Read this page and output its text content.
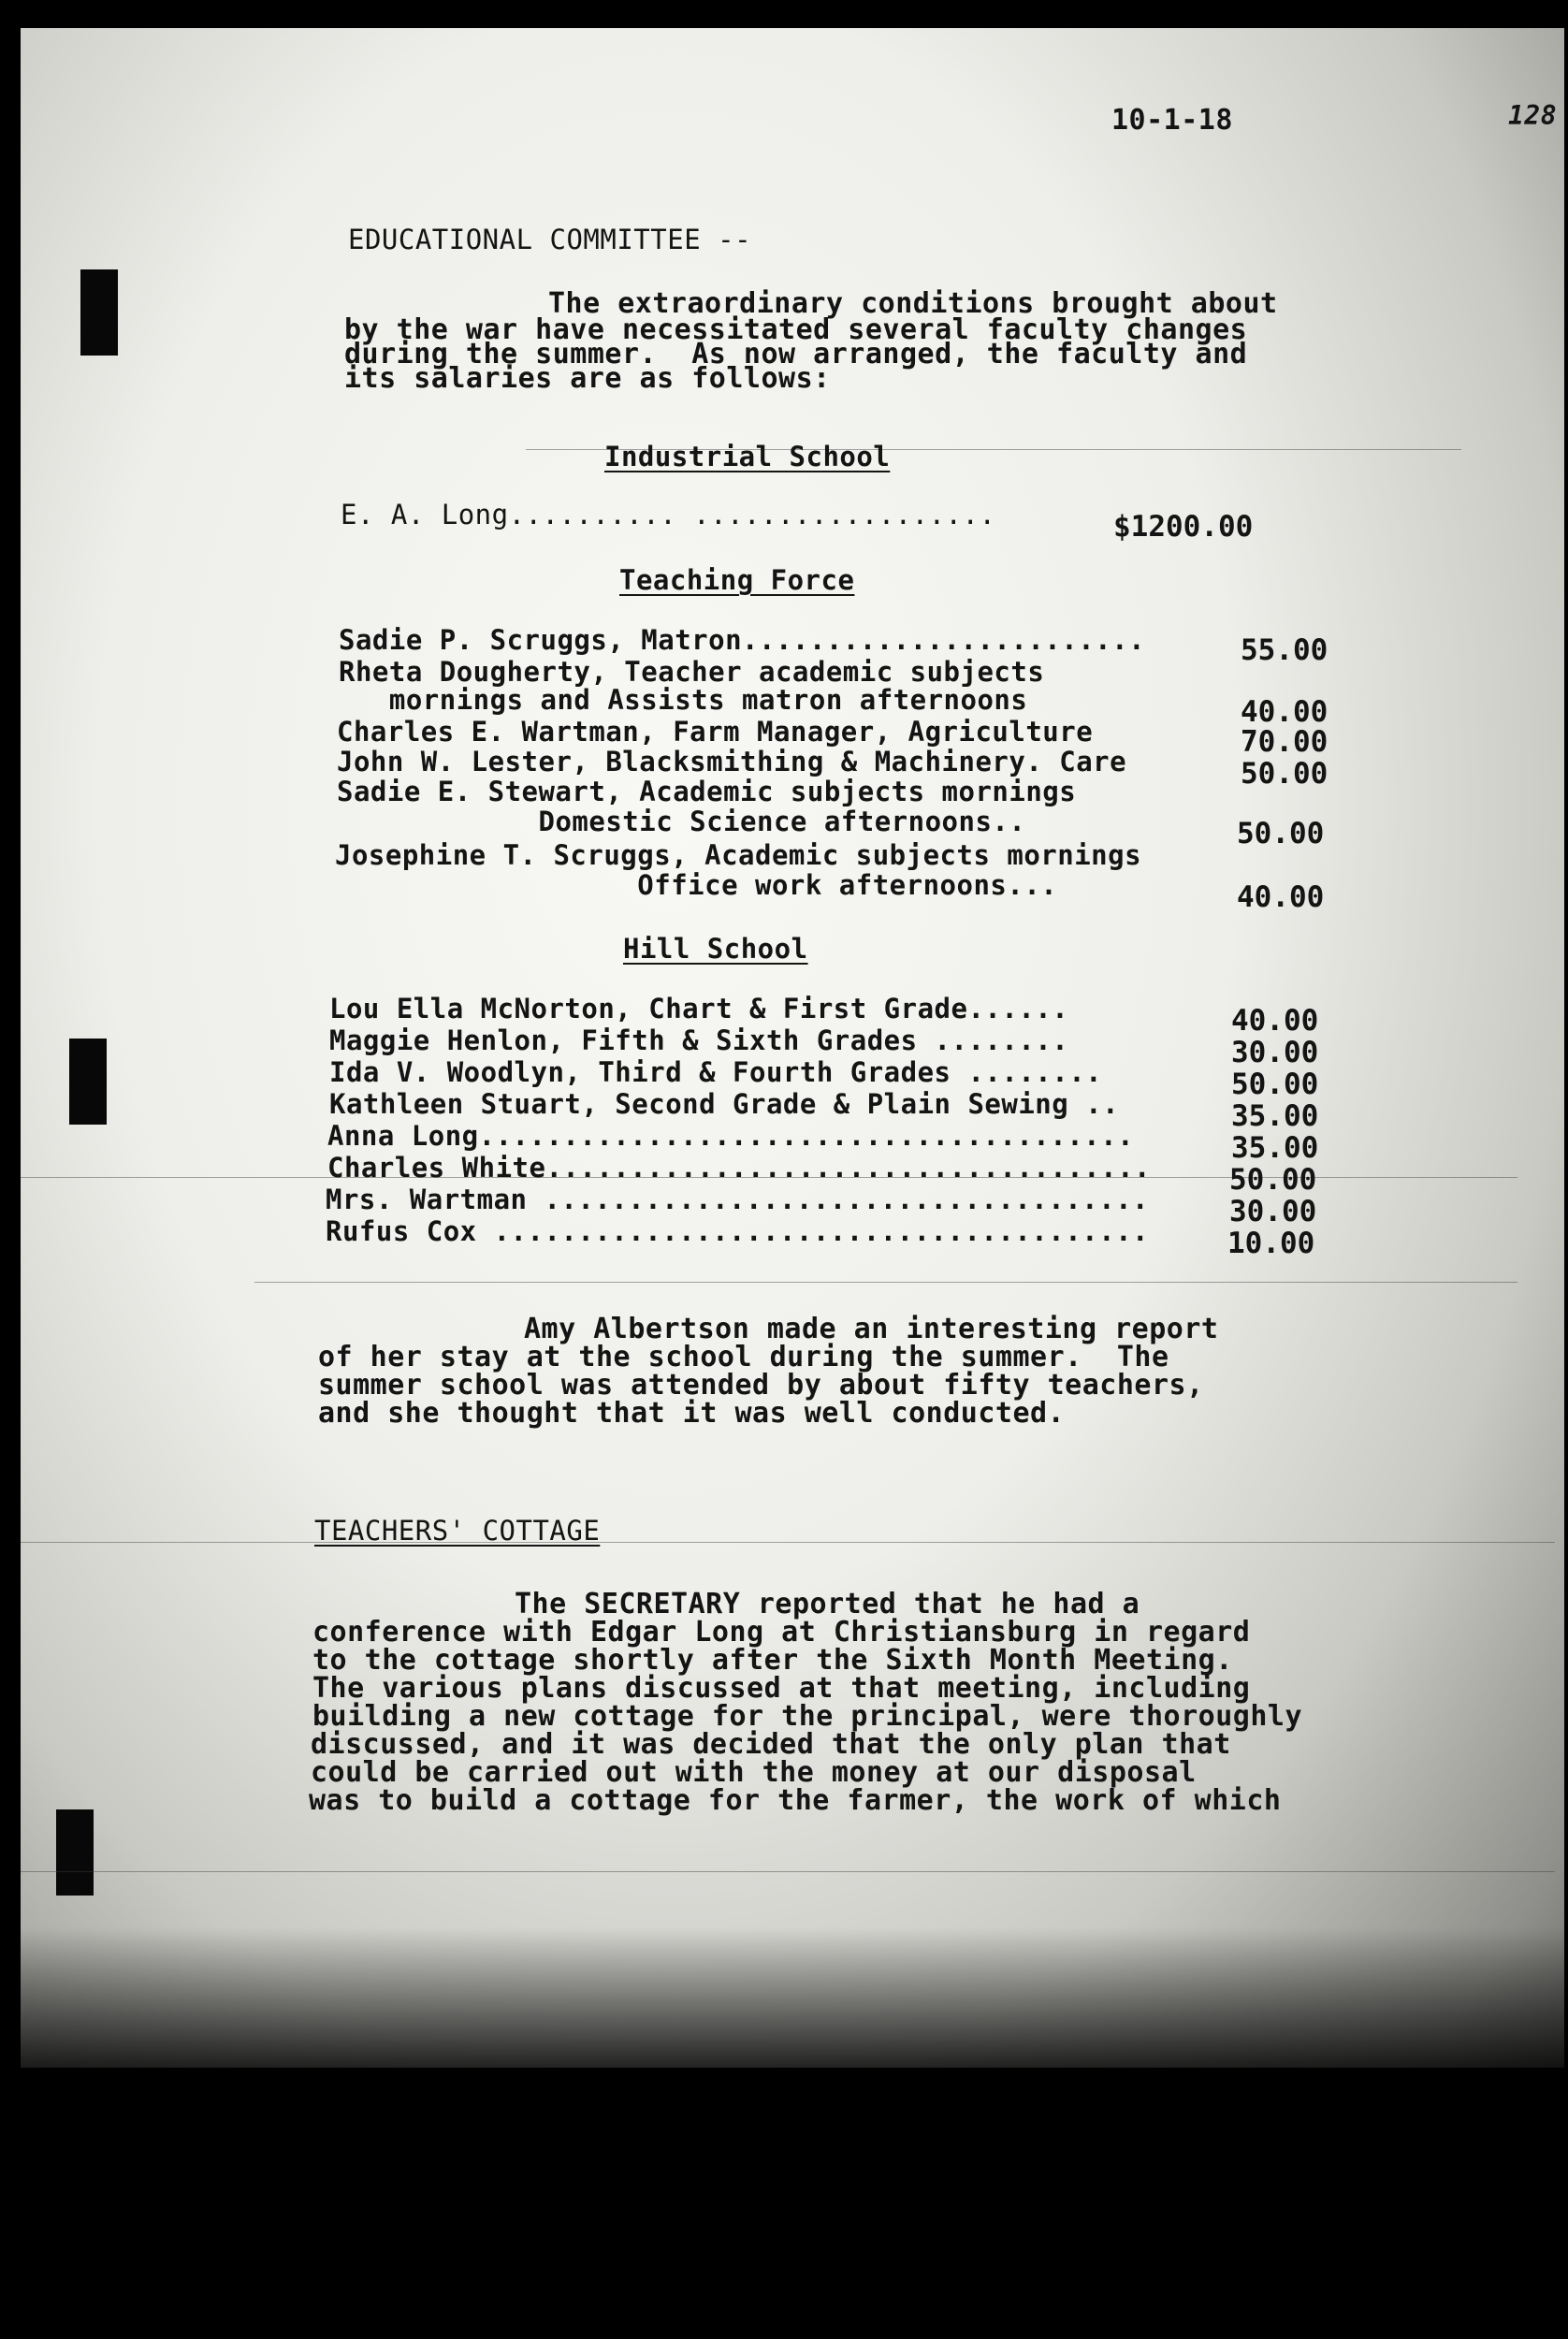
10-1-18	128
EDUCATIONAL COMMITTEE --
The extraordinary conditions brought about
by the war have necessitated several faculty changes
during the summer.  As now arranged, the faculty and
its salaries are as follows:
Industrial School
E. A. Long.......... ..................	$1200.00
Teaching Force
Sadie P. Scruggs, Matron........................	55.00
Rheta Dougherty, Teacher academic subjects
mornings and Assists matron afternoons	40.00
Charles E. Wartman, Farm Manager, Agriculture	70.00
John W. Lester, Blacksmithing & Machinery. Care	50.00
Sadie E. Stewart, Academic subjects mornings
Domestic Science afternoons..	50.00
Josephine T. Scruggs, Academic subjects mornings
Office work afternoons...	40.00
Hill School
Lou Ella McNorton, Chart & First Grade......	40.00
Maggie Henlon, Fifth & Sixth Grades ........	30.00
Ida V. Woodlyn, Third & Fourth Grades ........	50.00
Kathleen Stuart, Second Grade & Plain Sewing ..	35.00
Anna Long.......................................	35.00
Charles White....................................	50.00
Mrs. Wartman ....................................	30.00
Rufus Cox .......................................	10.00
Amy Albertson made an interesting report
of her stay at the school during the summer.  The
summer school was attended by about fifty teachers,
and she thought that it was well conducted.
TEACHERS' COTTAGE
The SECRETARY reported that he had a
conference with Edgar Long at Christiansburg in regard
to the cottage shortly after the Sixth Month Meeting.
The various plans discussed at that meeting, including
building a new cottage for the principal, were thoroughly
discussed, and it was decided that the only plan that
could be carried out with the money at our disposal
was to build a cottage for the farmer, the work of which
